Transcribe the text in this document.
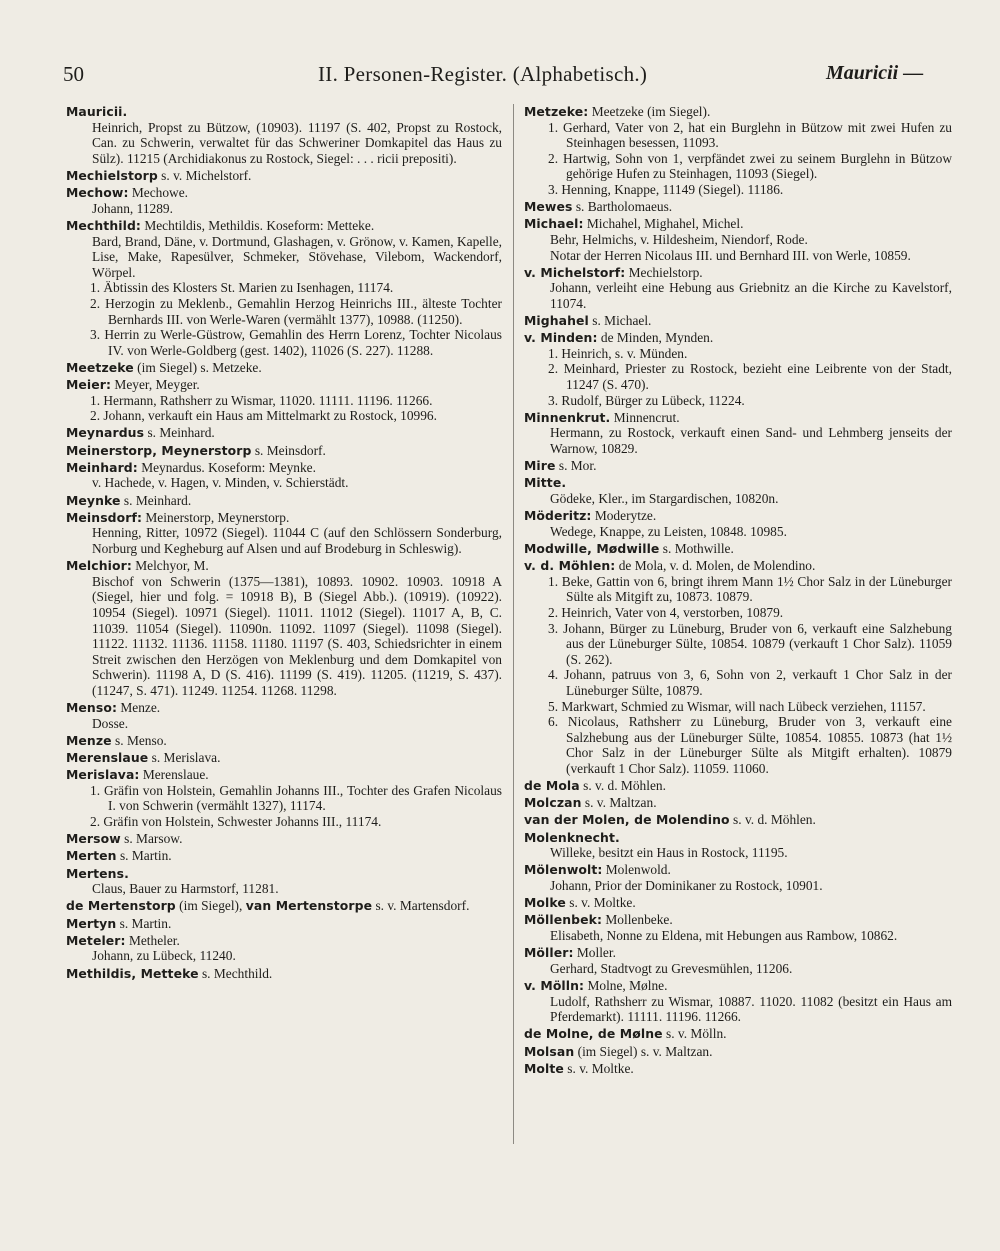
50	II. Personen-Register. (Alphabetisch.)	Mauricii —
Mauricii.
Heinrich, Propst zu Bützow, (10903). 11197 (S. 402, Propst zu Rostock, Can. zu Schwerin, verwaltet für das Schweriner Domkapitel das Haus zu Sülz). 11215 (Archidiakonus zu Rostock, Siegel: . . . ricii prepositi).
Mechielstorp s. v. Michelstorf.
Mechow: Mechowe.
Johann, 11289.
Mechthild: Mechtildis, Methildis. Koseform: Metteke.
Bard, Brand, Däne, v. Dortmund, Glashagen, v. Grönow, v. Kamen, Kapelle, Lise, Make, Rapesülver, Schmeker, Stövehase, Vilebom, Wackendorf, Wörpel.
1. Äbtissin des Klosters St. Marien zu Isenhagen, 11174.
2. Herzogin zu Meklenb., Gemahlin Herzog Heinrichs III., älteste Tochter Bernhards III. von Werle-Waren (vermählt 1377), 10988. (11250).
3. Herrin zu Werle-Güstrow, Gemahlin des Herrn Lorenz, Tochter Nicolaus IV. von Werle-Goldberg (gest. 1402), 11026 (S. 227). 11288.
Meetzeke (im Siegel) s. Metzeke.
Meier: Meyer, Meyger.
1. Hermann, Rathsherr zu Wismar, 11020. 11111. 11196. 11266.
2. Johann, verkauft ein Haus am Mittelmarkt zu Rostock, 10996.
Meynardus s. Meinhard.
Meinerstorp, Meynerstorp s. Meinsdorf.
Meinhard: Meynardus. Koseform: Meynke.
v. Hachede, v. Hagen, v. Minden, v. Schierstädt.
Meynke s. Meinhard.
Meinsdorf: Meinerstorp, Meynerstorp.
Henning, Ritter, 10972 (Siegel). 11044 C (auf den Schlössern Sonderburg, Norburg und Kegheburg auf Alsen und auf Brodeburg in Schleswig).
Melchior: Melchyor, M.
Bischof von Schwerin (1375—1381), 10893. 10902. 10903. 10918 A (Siegel, hier und folg. = 10918 B), B (Siegel Abb.). (10919). (10922). 10954 (Siegel). 10971 (Siegel). 11011. 11012 (Siegel). 11017 A, B, C. 11039. 11054 (Siegel). 11090n. 11092. 11097 (Siegel). 11098 (Siegel). 11122. 11132. 11136. 11158. 11180. 11197 (S. 403, Schiedsrichter in einem Streit zwischen den Herzögen von Meklenburg und dem Domkapitel von Schwerin). 11198 A, D (S. 416). 11199 (S. 419). 11205. (11219, S. 437). (11247, S. 471). 11249. 11254. 11268. 11298.
Menso: Menze.
Dosse.
Menze s. Menso.
Merenslaue s. Merislava.
Merislava: Merenslaue.
1. Gräfin von Holstein, Gemahlin Johanns III., Tochter des Grafen Nicolaus I. von Schwerin (vermählt 1327), 11174.
2. Gräfin von Holstein, Schwester Johanns III., 11174.
Mersow s. Marsow.
Merten s. Martin.
Mertens.
Claus, Bauer zu Harmstorf, 11281.
de Mertenstorp (im Siegel), van Mertenstorpe s. v. Martensdorf.
Mertyn s. Martin.
Meteler: Metheler.
Johann, zu Lübeck, 11240.
Methildis, Metteke s. Mechthild.
Metzeke: Meetzeke (im Siegel).
1. Gerhard, Vater von 2, hat ein Burglehn in Bützow mit zwei Hufen zu Steinhagen besessen, 11093.
2. Hartwig, Sohn von 1, verpfändet zwei zu seinem Burglehn in Bützow gehörige Hufen zu Steinhagen, 11093 (Siegel).
3. Henning, Knappe, 11149 (Siegel). 11186.
Mewes s. Bartholomaeus.
Michael: Michahel, Mighahel, Michel.
Behr, Helmichs, v. Hildesheim, Niendorf, Rode.
Notar der Herren Nicolaus III. und Bernhard III. von Werle, 10859.
v. Michelstorf: Mechielstorp.
Johann, verleiht eine Hebung aus Griebnitz an die Kirche zu Kavelstorf, 11074.
Mighahel s. Michael.
v. Minden: de Minden, Mynden.
1. Heinrich, s. v. Münden.
2. Meinhard, Priester zu Rostock, bezieht eine Leibrente von der Stadt, 11247 (S. 470).
3. Rudolf, Bürger zu Lübeck, 11224.
Minnenkrut. Minnencrut.
Hermann, zu Rostock, verkauft einen Sand- und Lehmberg jenseits der Warnow, 10829.
Mire s. Mor.
Mitte.
Gödeke, Kler., im Stargardischen, 10820n.
Möderitz: Moderytze.
Wedege, Knappe, zu Leisten, 10848. 10985.
Modwille, Mødwille s. Mothwille.
v. d. Möhlen: de Mola, v. d. Molen, de Molendino.
1. Beke, Gattin von 6, bringt ihrem Mann 1½ Chor Salz in der Lüneburger Sülte als Mitgift zu, 10873. 10879.
2. Heinrich, Vater von 4, verstorben, 10879.
3. Johann, Bürger zu Lüneburg, Bruder von 6, verkauft eine Salzhebung aus der Lüneburger Sülte, 10854. 10879 (verkauft 1 Chor Salz). 11059 (S. 262).
4. Johann, patruus von 3, 6, Sohn von 2, verkauft 1 Chor Salz in der Lüneburger Sülte, 10879.
5. Markwart, Schmied zu Wismar, will nach Lübeck verziehen, 11157.
6. Nicolaus, Rathsherr zu Lüneburg, Bruder von 3, verkauft eine Salzhebung aus der Lüneburger Sülte, 10854. 10855. 10873 (hat 1½ Chor Salz in der Lüneburger Sülte als Mitgift erhalten). 10879 (verkauft 1 Chor Salz). 11059. 11060.
de Mola s. v. d. Möhlen.
Molczan s. v. Maltzan.
van der Molen, de Molendino s. v. d. Möhlen.
Molenknecht.
Willeke, besitzt ein Haus in Rostock, 11195.
Mölenwolt: Molenwold.
Johann, Prior der Dominikaner zu Rostock, 10901.
Molke s. v. Moltke.
Möllenbek: Mollenbeke.
Elisabeth, Nonne zu Eldena, mit Hebungen aus Rambow, 10862.
Möller: Moller.
Gerhard, Stadtvogt zu Grevesmühlen, 11206.
v. Mölln: Molne, Mølne.
Ludolf, Rathsherr zu Wismar, 10887. 11020. 11082 (besitzt ein Haus am Pferdemarkt). 11111. 11196. 11266.
de Molne, de Mølne s. v. Mölln.
Molsan (im Siegel) s. v. Maltzan.
Molte s. v. Moltke.
